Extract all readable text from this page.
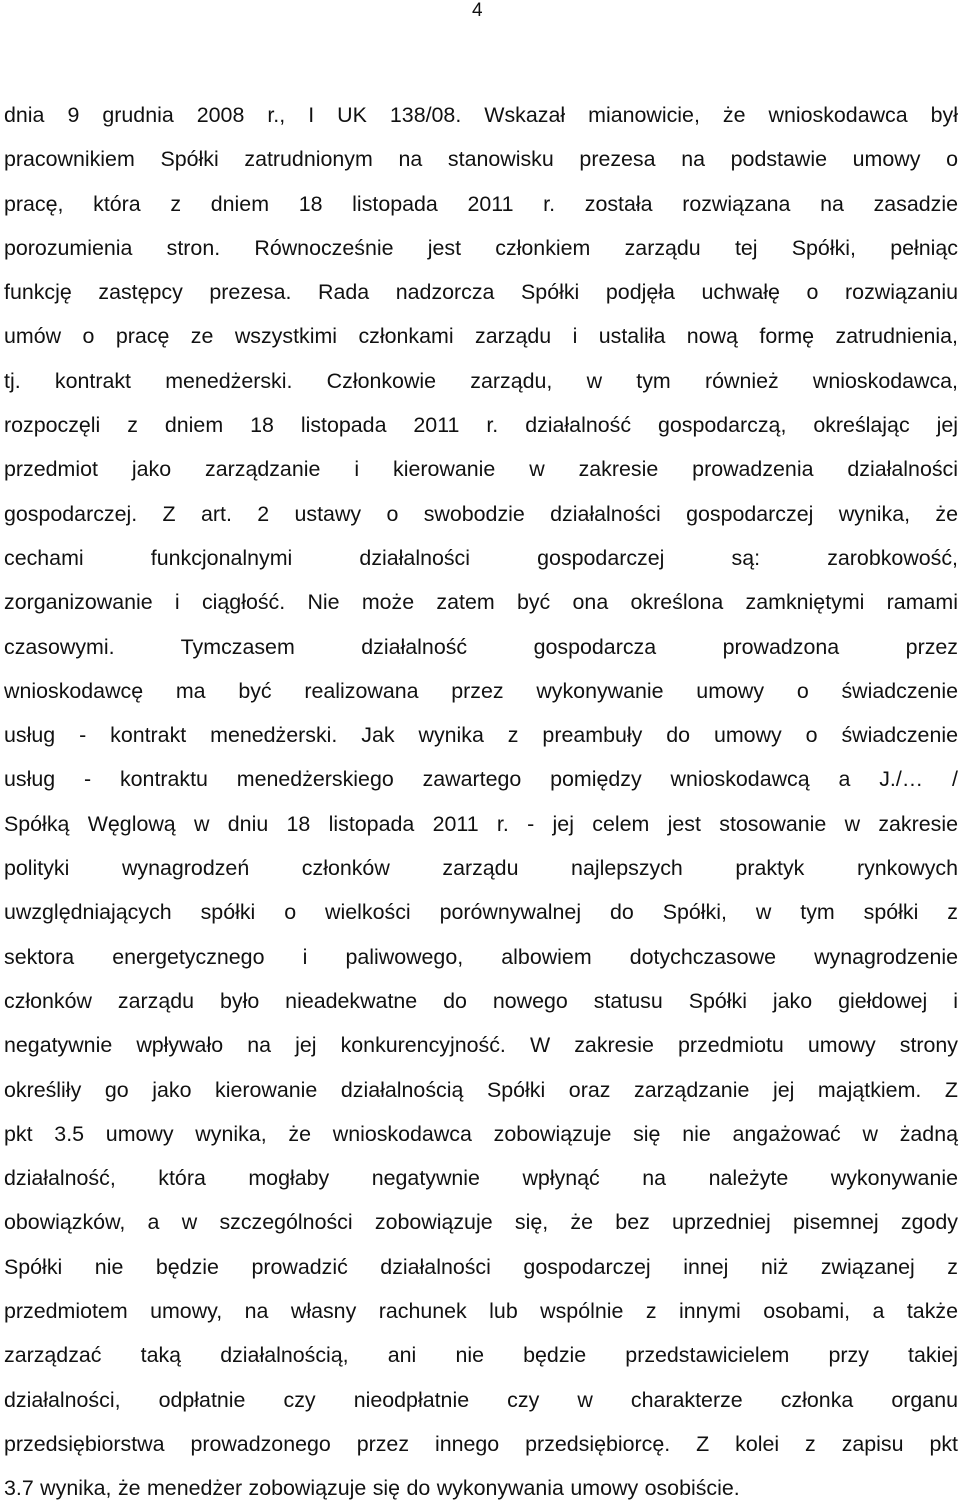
4
dnia 9 grudnia 2008 r., I UK 138/08. Wskazał mianowicie, że wnioskodawca był
pracownikiem Spółki zatrudnionym na stanowisku prezesa na podstawie umowy o
pracę, która z dniem 18 listopada 2011 r. została rozwiązana na zasadzie
porozumienia stron. Równocześnie jest członkiem zarządu tej Spółki, pełniąc
funkcję zastępcy prezesa. Rada nadzorcza Spółki podjęła uchwałę o rozwiązaniu
umów o pracę ze wszystkimi członkami zarządu i ustaliła nową formę zatrudnienia,
tj. kontrakt menedżerski. Członkowie zarządu, w tym również wnioskodawca,
rozpoczęli z dniem 18 listopada 2011 r. działalność gospodarczą, określając jej
przedmiot jako zarządzanie i kierowanie w zakresie prowadzenia działalności
gospodarczej. Z art. 2 ustawy o swobodzie działalności gospodarczej wynika, że
cechami funkcjonalnymi działalności gospodarczej są: zarobkowość,
zorganizowanie i ciągłość. Nie może zatem być ona określona zamkniętymi ramami
czasowymi. Tymczasem działalność gospodarcza prowadzona przez
wnioskodawcę ma być realizowana przez wykonywanie umowy o świadczenie
usług - kontrakt menedżerski. Jak wynika z preambuły do umowy o świadczenie
usług - kontraktu menedżerskiego zawartego pomiędzy wnioskodawcą a J./… /
Spółką Węglową w dniu 18 listopada 2011 r. - jej celem jest stosowanie w zakresie
polityki wynagrodzeń członków zarządu najlepszych praktyk rynkowych
uwzględniających spółki o wielkości porównywalnej do Spółki, w tym spółki z
sektora energetycznego i paliwowego, albowiem dotychczasowe wynagrodzenie
członków zarządu było nieadekwatne do nowego statusu Spółki jako giełdowej i
negatywnie wpływało na jej konkurencyjność. W zakresie przedmiotu umowy strony
określiły go jako kierowanie działalnością Spółki oraz zarządzanie jej majątkiem. Z
pkt 3.5 umowy wynika, że wnioskodawca zobowiązuje się nie angażować w żadną
działalność, która mogłaby negatywnie wpłynąć na należyte wykonywanie
obowiązków, a w szczególności zobowiązuje się, że bez uprzedniej pisemnej zgody
Spółki nie będzie prowadzić działalności gospodarczej innej niż związanej z
przedmiotem umowy, na własny rachunek lub wspólnie z innymi osobami, a także
zarządzać taką działalnością, ani nie będzie przedstawicielem przy takiej
działalności, odpłatnie czy nieodpłatnie czy w charakterze członka organu
przedsiębiorstwa prowadzonego przez innego przedsiębiorcę. Z kolei z zapisu pkt
3.7 wynika, że menedżer zobowiązuje się do wykonywania umowy osobiście.
